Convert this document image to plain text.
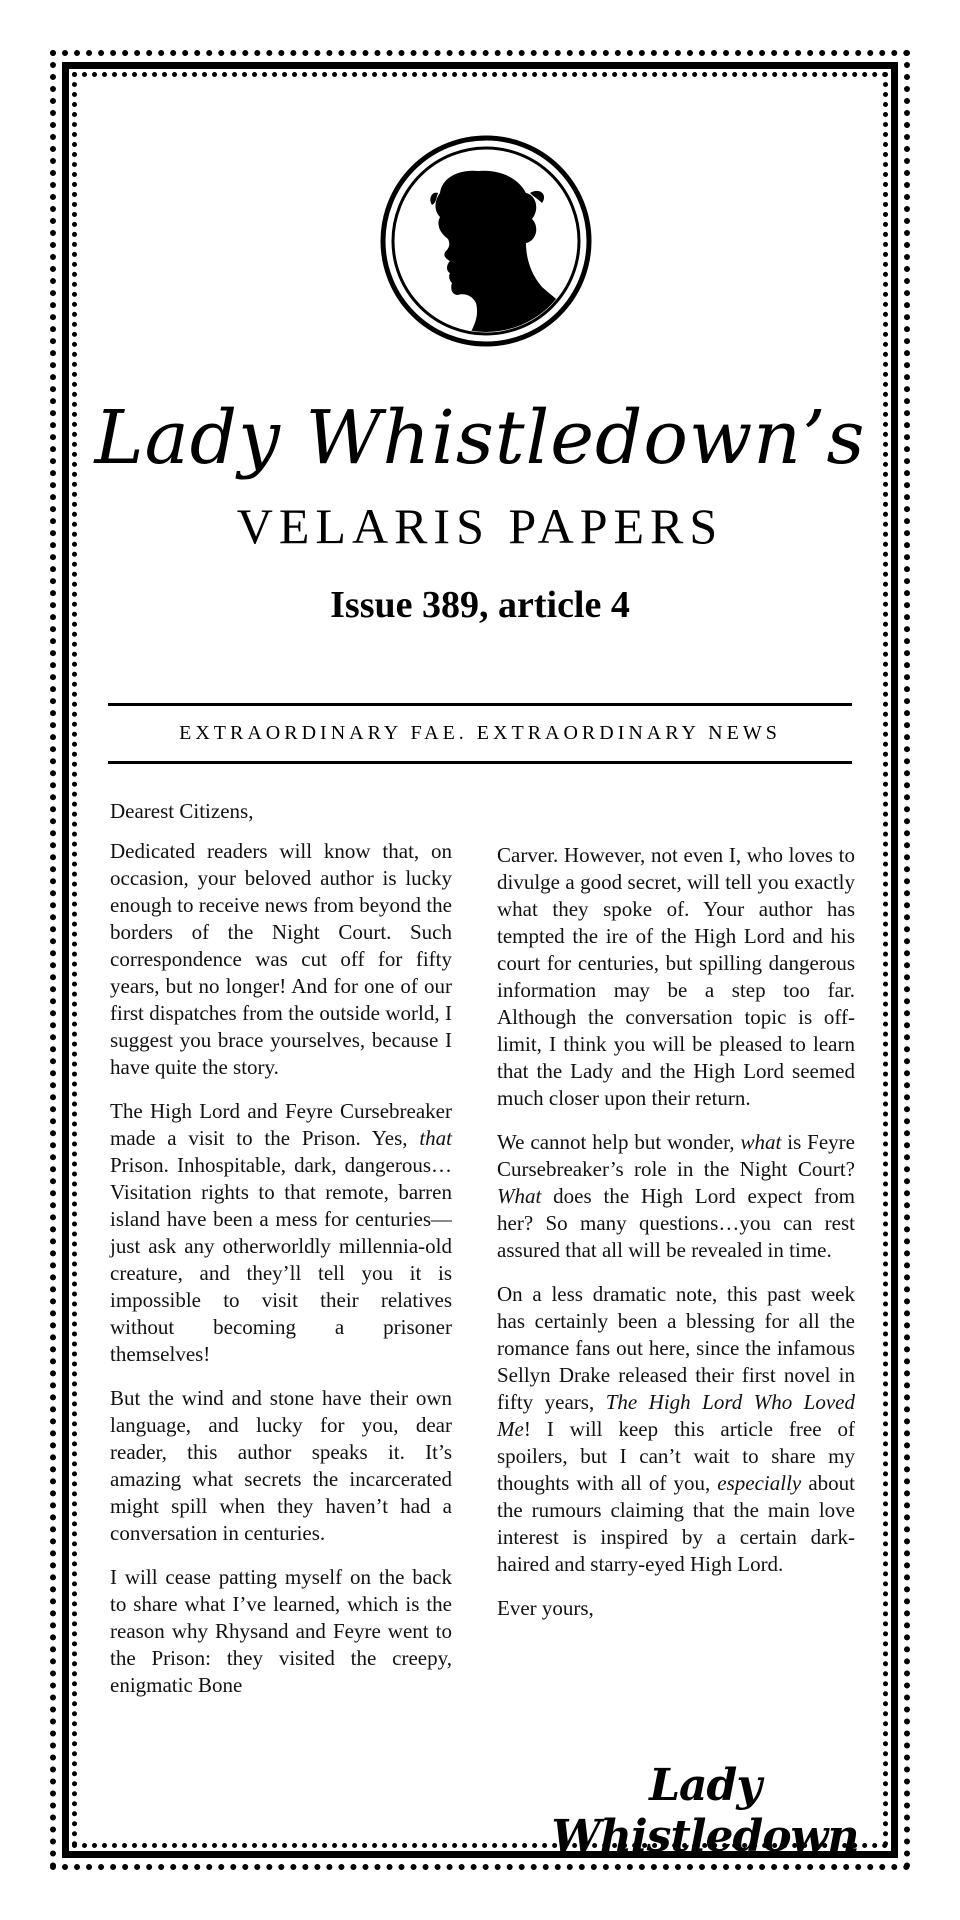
Lady Whistledown’s
VELARIS PAPERS
Issue 389, article 4
EXTRAORDINARY FAE. EXTRAORDINARY NEWS

Dearest Citizens,

Dedicated readers will know that, on occasion, your beloved author is lucky enough to receive news from beyond the borders of the Night Court. Such correspondence was cut off for fifty years, but no longer! And for one of our first dispatches from the outside world, I suggest you brace yourselves, because I have quite the story.

The High Lord and Feyre Cursebreaker made a visit to the Prison. Yes, that Prison. Inhospitable, dark, dangerous… Visitation rights to that remote, barren island have been a mess for centuries—just ask any otherworldly millennia-old creature, and they’ll tell you it is impossible to visit their relatives without becoming a prisoner themselves!

But the wind and stone have their own language, and lucky for you, dear reader, this author speaks it. It’s amazing what secrets the incarcerated might spill when they haven’t had a conversation in centuries.

I will cease patting myself on the back to share what I’ve learned, which is the reason why Rhysand and Feyre went to the Prison: they visited the creepy, enigmatic Bone

Carver. However, not even I, who loves to divulge a good secret, will tell you exactly what they spoke of. Your author has tempted the ire of the High Lord and his court for centuries, but spilling dangerous information may be a step too far. Although the conversation topic is off-limit, I think you will be pleased to learn that the Lady and the High Lord seemed much closer upon their return.

We cannot help but wonder, what is Feyre Cursebreaker’s role in the Night Court? What does the High Lord expect from her? So many questions…you can rest assured that all will be revealed in time.

On a less dramatic note, this past week has certainly been a blessing for all the romance fans out here, since the infamous Sellyn Drake released their first novel in fifty years, The High Lord Who Loved Me! I will keep this article free of spoilers, but I can’t wait to share my thoughts with all of you, especially about the rumours claiming that the main love interest is inspired by a certain dark-haired and starry-eyed High Lord.

Ever yours,

Lady Whistledown
